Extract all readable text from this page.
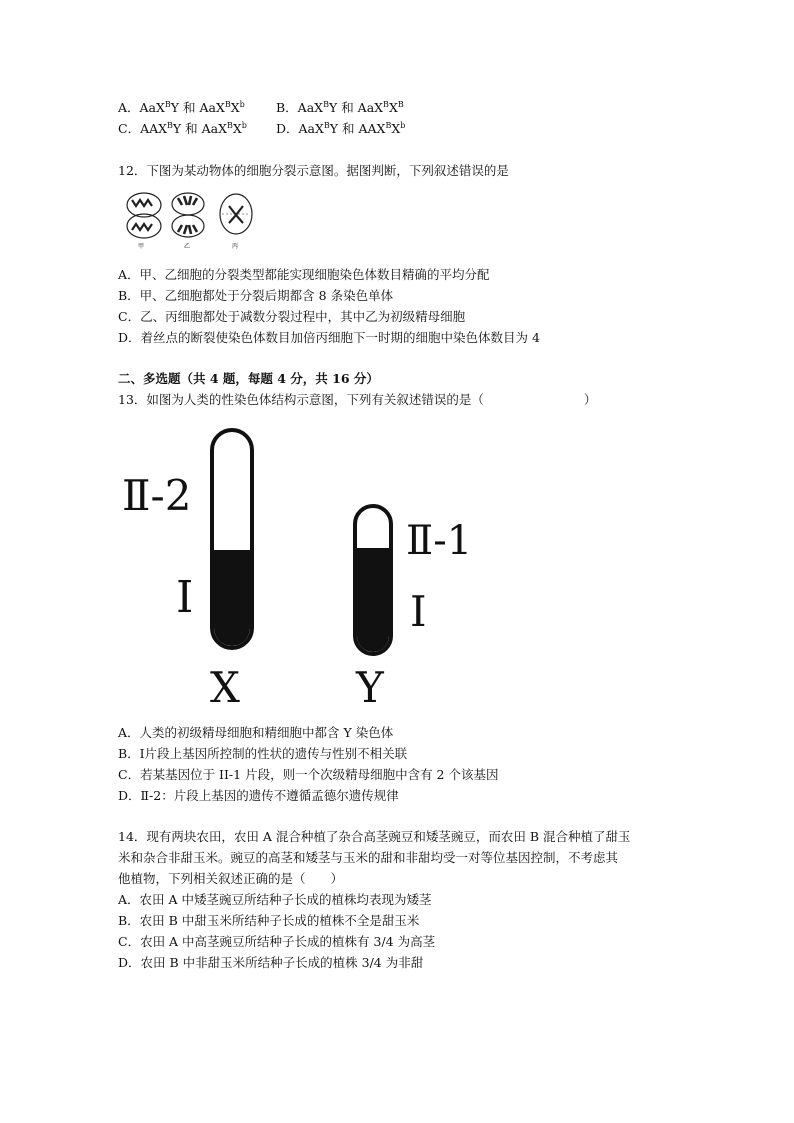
A．AaX$^B$Y 和 $AaX^BX^b$ B．AaX$^B$Y 和 $AaX^BX^B$
C．$AAX^BY$ 和 $AaX^BX^b$ D．AaX$^B$Y 和 $AAX^BX^b$
12．下图为某动物体的细胞分裂示意图。据图判断，下列叙述错误的是
甲	乙	丙
A．甲、乙细胞的分裂类型都能实现细胞染色体数目精确的平均分配
B．甲、乙细胞都处于分裂后期都含 8 条染色单体
C．乙、丙细胞都处于减数分裂过程中，其中乙为初级精母细胞
D．着丝点的断裂使染色体数目加倍丙细胞下一时期的细胞中染色体数目为 4
二、多选题（共 4 题，每题 4 分，共 16 分）
13．如图为人类的性染色体结构示意图，下列有关叙述错误的是（　　　　　　　　）
Ⅱ-2
Ⅰ
X
Ⅱ-1
Ⅰ
Y
A．人类的初级精母细胞和精细胞中都含 Y 染色体
B．Ⅰ片段上基因所控制的性状的遗传与性别不相关联
C．若某基因位于 II-1 片段，则一个次级精母细胞中含有 2 个该基因
D．Ⅱ-2：片段上基因的遗传不遵循孟德尔遗传规律
14．现有两块农田，农田 A 混合种植了杂合高茎豌豆和矮茎豌豆，而农田 B 混合种植了甜玉
米和杂合非甜玉米。豌豆的高茎和矮茎与玉米的甜和非甜均受一对等位基因控制，不考虑其
他植物，下列相关叙述正确的是（　　）
A．农田 A 中矮茎豌豆所结种子长成的植株均表现为矮茎
B．农田 B 中甜玉米所结种子长成的植株不全是甜玉米
C．农田 A 中高茎豌豆所结种子长成的植株有 3/4 为高茎
D．农田 B 中非甜玉米所结种子长成的植株 3/4 为非甜
